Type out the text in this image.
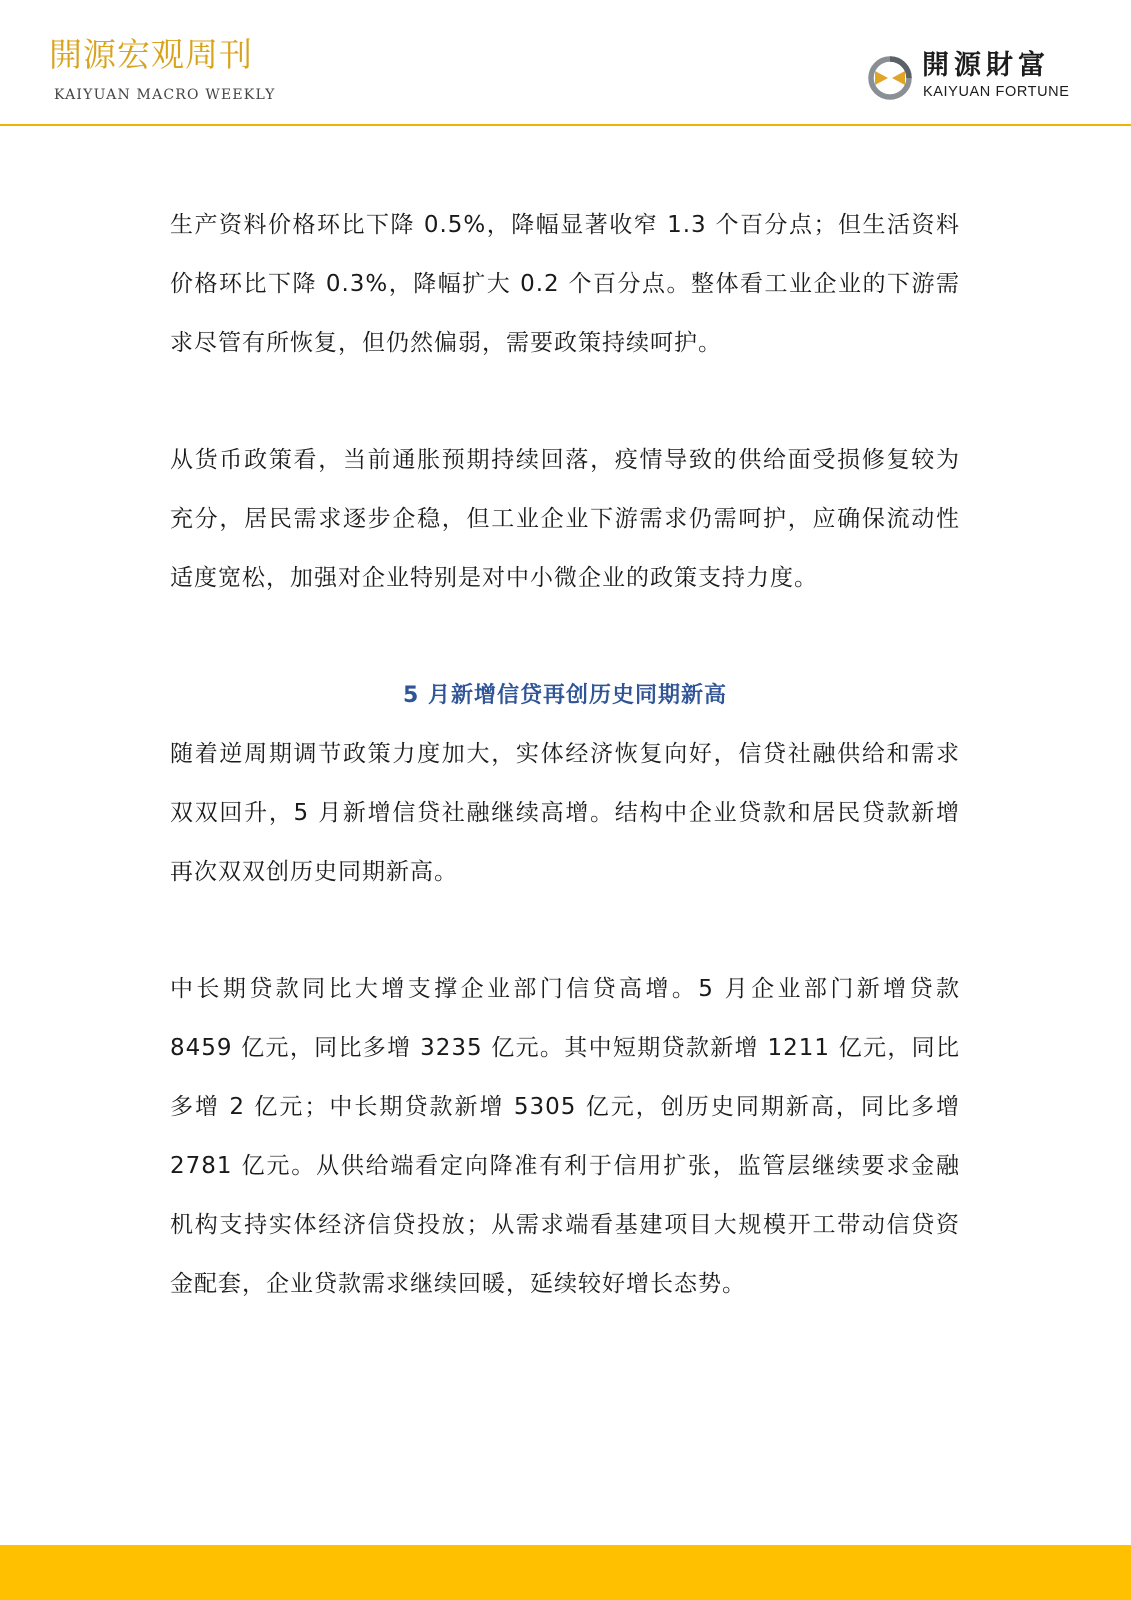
開源宏观周刊
KAIYUAN MACRO WEEKLY
開源財富
KAIYUAN FORTUNE

生产资料价格环比下降 0.5%，降幅显著收窄 1.3 个百分点；但生活资料价格环比下降 0.3%，降幅扩大 0.2 个百分点。整体看工业企业的下游需求尽管有所恢复，但仍然偏弱，需要政策持续呵护。

从货币政策看，当前通胀预期持续回落，疫情导致的供给面受损修复较为充分，居民需求逐步企稳，但工业企业下游需求仍需呵护，应确保流动性适度宽松，加强对企业特别是对中小微企业的政策支持力度。

5 月新增信贷再创历史同期新高

随着逆周期调节政策力度加大，实体经济恢复向好，信贷社融供给和需求双双回升，5 月新增信贷社融继续高增。结构中企业贷款和居民贷款新增再次双双创历史同期新高。

中长期贷款同比大增支撑企业部门信贷高增。5 月企业部门新增贷款 8459 亿元，同比多增 3235 亿元。其中短期贷款新增 1211 亿元，同比多增 2 亿元；中长期贷款新增 5305 亿元，创历史同期新高，同比多增 2781 亿元。从供给端看定向降准有利于信用扩张，监管层继续要求金融机构支持实体经济信贷投放；从需求端看基建项目大规模开工带动信贷资金配套，企业贷款需求继续回暖，延续较好增长态势。
